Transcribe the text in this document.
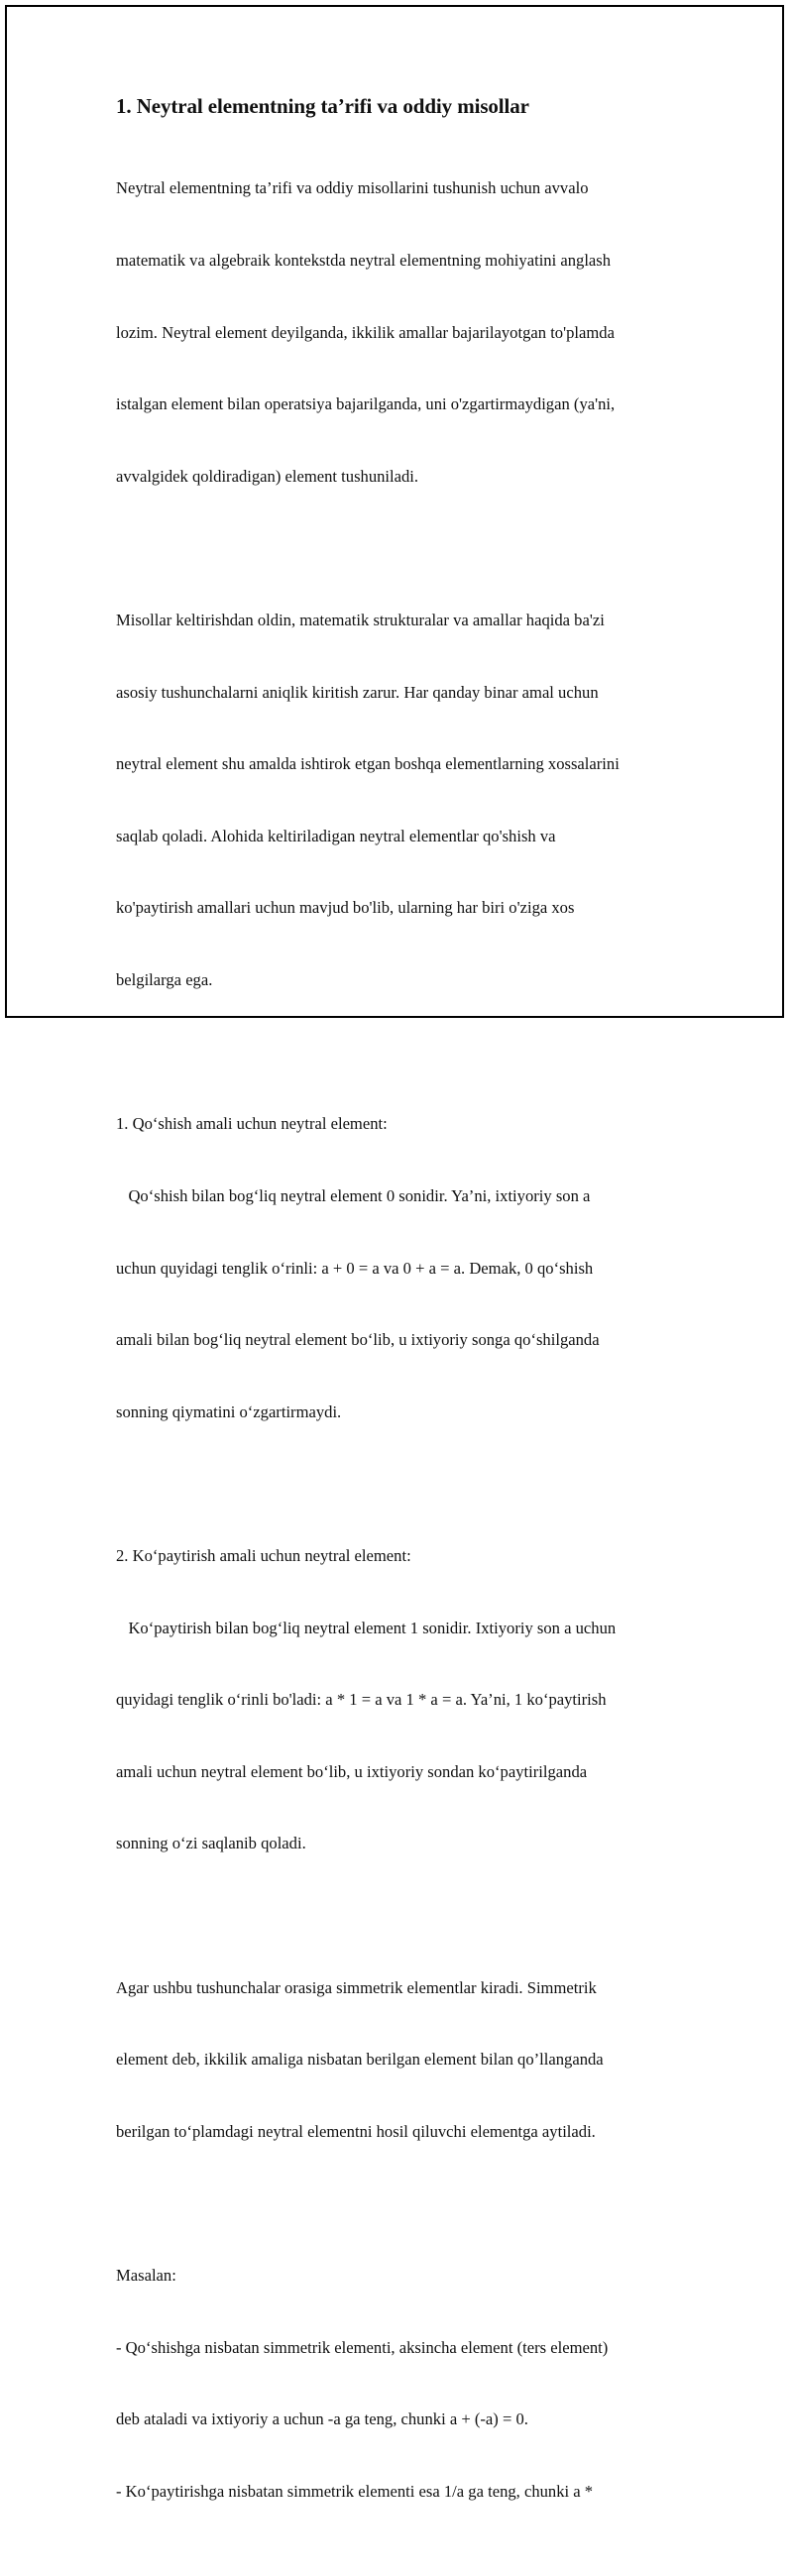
1. Neytral elementning ta’rifi va oddiy misollar

Neytral elementning ta’rifi va oddiy misollarini tushunish uchun avvalo

matematik va algebraik kontekstda neytral elementning mohiyatini anglash

lozim. Neytral element deyilganda, ikkilik amallar bajarilayotgan to'plamda

istalgan element bilan operatsiya bajarilganda, uni o'zgartirmaydigan (ya'ni,

avvalgidek qoldiradigan) element tushuniladi.

Misollar keltirishdan oldin, matematik strukturalar va amallar haqida ba'zi

asosiy tushunchalarni aniqlik kiritish zarur. Har qanday binar amal uchun

neytral element shu amalda ishtirok etgan boshqa elementlarning xossalarini

saqlab qoladi. Alohida keltiriladigan neytral elementlar qo'shish va

ko'paytirish amallari uchun mavjud bo'lib, ularning har biri o'ziga xos

belgilarga ega.

1. Qo‘shish amali uchun neytral element:

Qo‘shish bilan bog‘liq neytral element 0 sonidir. Ya’ni, ixtiyoriy son a

uchun quyidagi tenglik o‘rinli: a + 0 = a va 0 + a = a. Demak, 0 qo‘shish

amali bilan bog‘liq neytral element bo‘lib, u ixtiyoriy songa qo‘shilganda

sonning qiymatini o‘zgartirmaydi.

2. Ko‘paytirish amali uchun neytral element:

Ko‘paytirish bilan bog‘liq neytral element 1 sonidir. Ixtiyoriy son a uchun

quyidagi tenglik o‘rinli bo'ladi: a * 1 = a va 1 * a = a. Ya’ni, 1 ko‘paytirish

amali uchun neytral element bo‘lib, u ixtiyoriy sondan ko‘paytirilganda

sonning o‘zi saqlanib qoladi.

Agar ushbu tushunchalar orasiga simmetrik elementlar kiradi. Simmetrik

element deb, ikkilik amaliga nisbatan berilgan element bilan qo’llanganda

berilgan to‘plamdagi neytral elementni hosil qiluvchi elementga aytiladi.

Masalan:

- Qo‘shishga nisbatan simmetrik elementi, aksincha element (ters element)

deb ataladi va ixtiyoriy a uchun -a ga teng, chunki a + (-a) = 0.

- Ko‘paytirishga nisbatan simmetrik elementi esa 1/a ga teng, chunki a *
